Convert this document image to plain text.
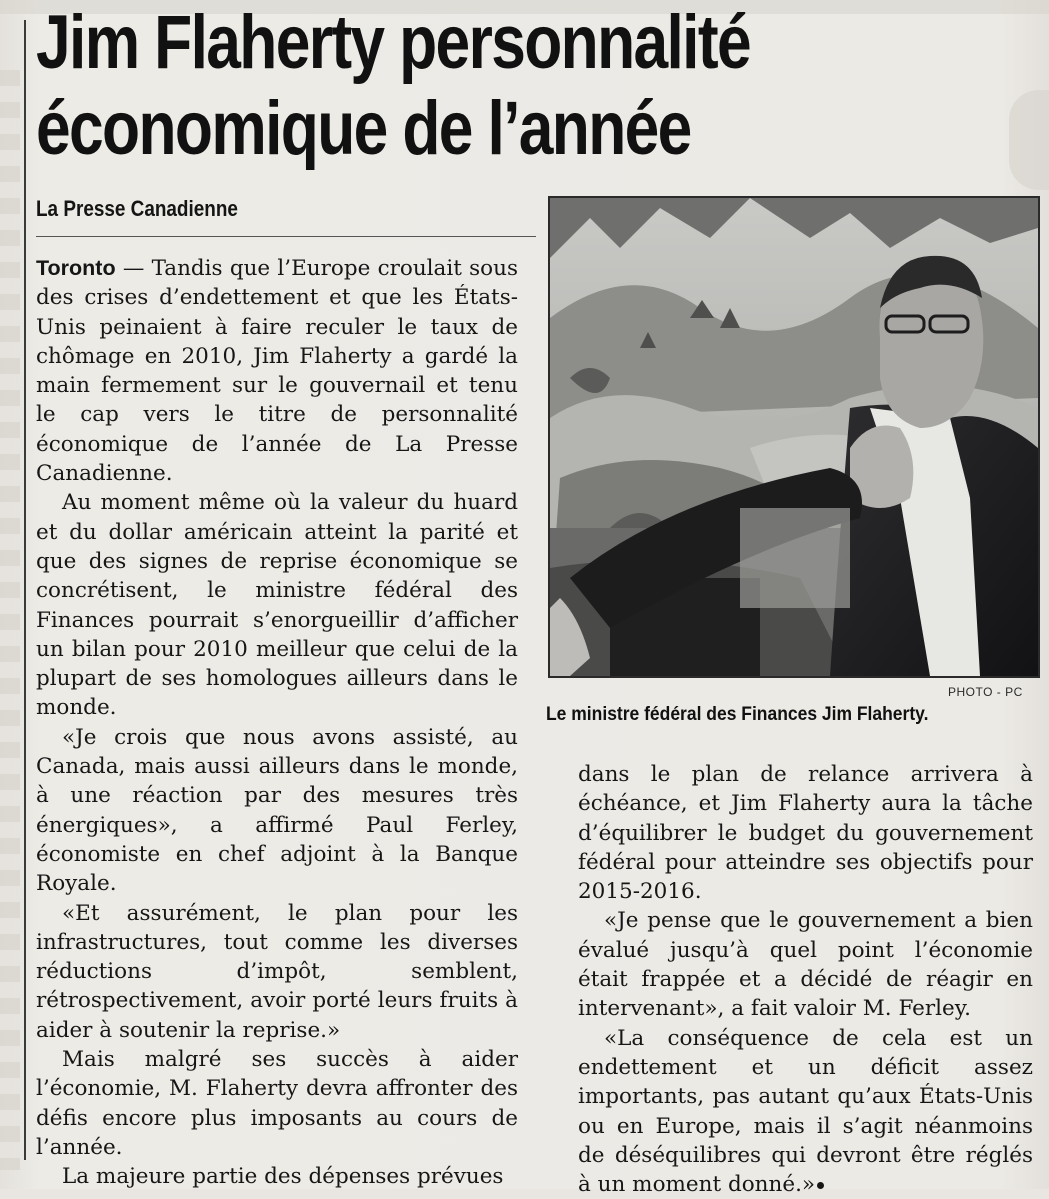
Jim Flaherty personnalité
économique de l’année
La Presse Canadienne

Toronto — Tandis que l’Europe croulait sous des crises d’endettement et que les États-Unis peinaient à faire reculer le taux de chômage en 2010, Jim Flaherty a gardé la main fermement sur le gouvernail et tenu le cap vers le titre de personnalité économique de l’année de La Presse Canadienne.

Au moment même où la valeur du huard et du dollar américain atteint la parité et que des signes de reprise économique se concrétisent, le ministre fédéral des Finances pourrait s’enorgueillir d’afficher un bilan pour 2010 meilleur que celui de la plupart de ses homologues ailleurs dans le monde.

«Je crois que nous avons assisté, au Canada, mais aussi ailleurs dans le monde, à une réaction par des mesures très énergiques», a affirmé Paul Ferley, économiste en chef adjoint à la Banque Royale.

«Et assurément, le plan pour les infrastructures, tout comme les diverses réductions d’impôt, semblent, rétrospectivement, avoir porté leurs fruits à aider à soutenir la reprise.»

Mais malgré ses succès à aider l’économie, M. Flaherty devra affronter des défis encore plus imposants au cours de l’année.

La majeure partie des dépenses prévues

PHOTO - PC
Le ministre fédéral des Finances Jim Flaherty.

dans le plan de relance arrivera à échéance, et Jim Flaherty aura la tâche d’équilibrer le budget du gouvernement fédéral pour atteindre ses objectifs pour 2015-2016.

«Je pense que le gouvernement a bien évalué jusqu’à quel point l’économie était frappée et a décidé de réagir en intervenant», a fait valoir M. Ferley.

«La conséquence de cela est un endettement et un déficit assez importants, pas autant qu’aux États-Unis ou en Europe, mais il s’agit néanmoins de déséquilibres qui devront être réglés à un moment donné.»
